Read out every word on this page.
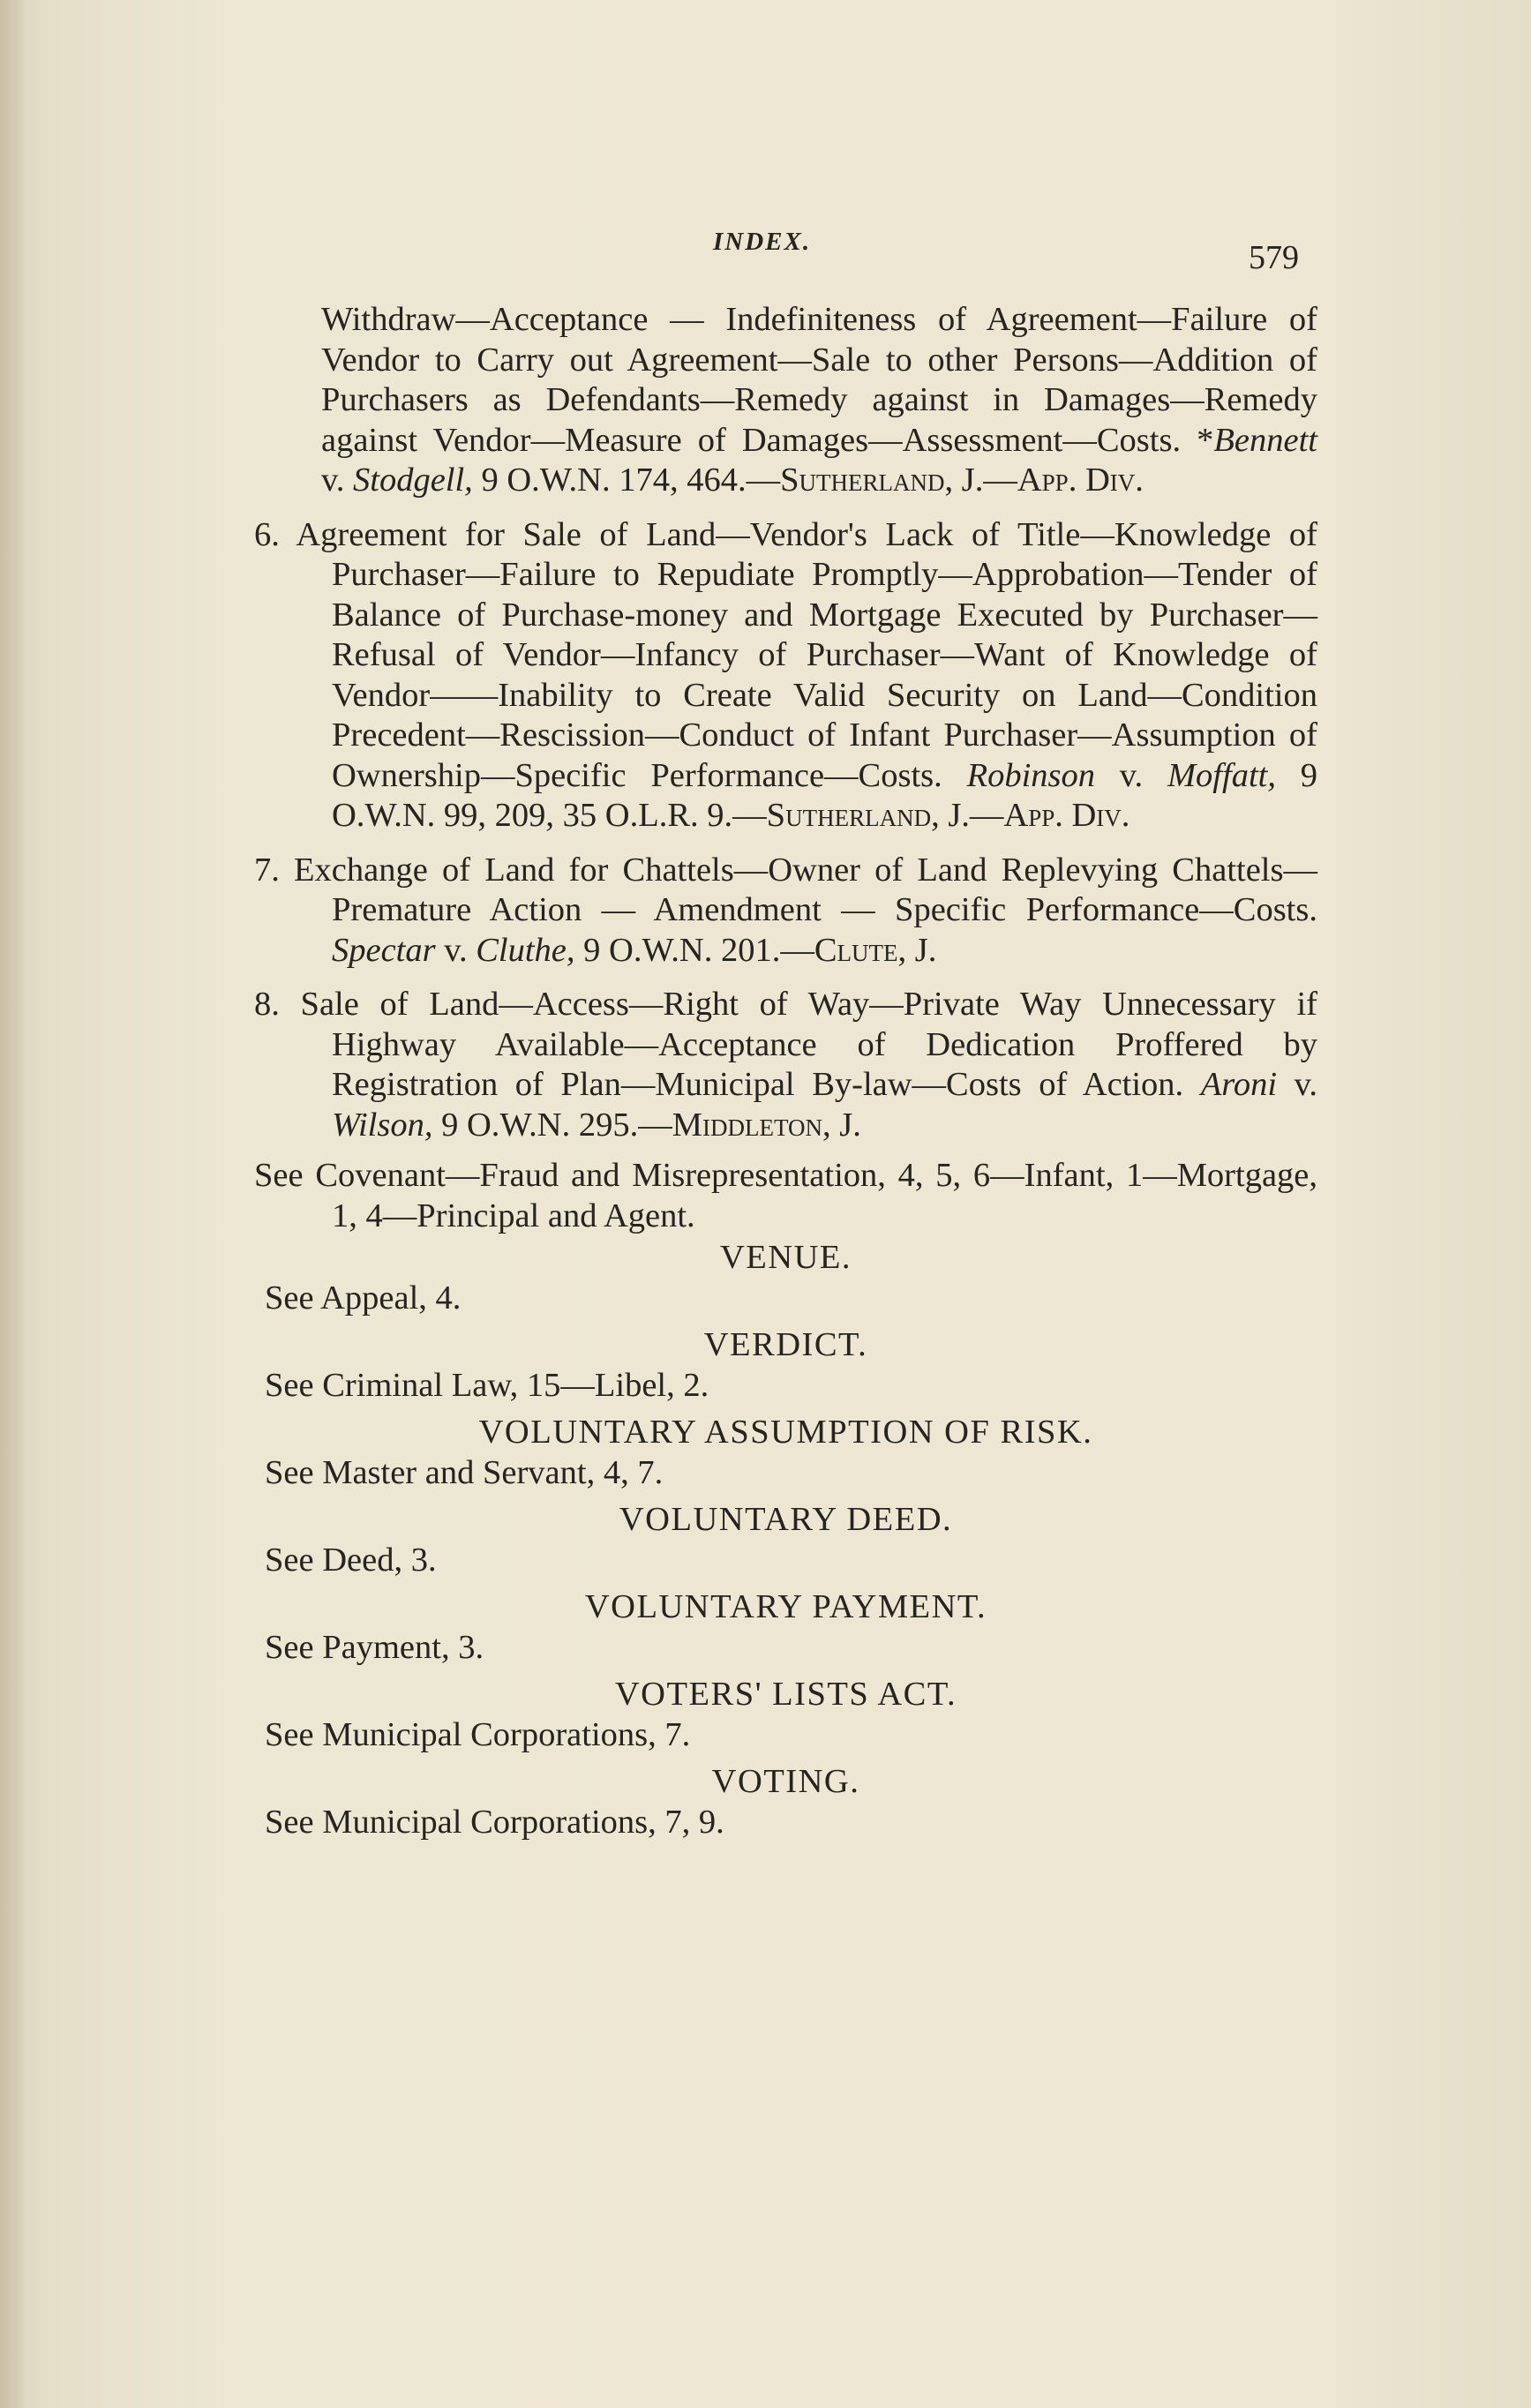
INDEX.	579

Withdraw—Acceptance — Indefiniteness of Agreement—Failure of Vendor to Carry out Agreement—Sale to other Persons—Addition of Purchasers as Defendants—Remedy against in Damages—Remedy against Vendor—Measure of Damages—Assessment—Costs. *Bennett v. Stodgell, 9 O.W.N. 174, 464.—Sutherland, J.—App. Div.

6. Agreement for Sale of Land—Vendor's Lack of Title—Knowledge of Purchaser—Failure to Repudiate Promptly—Approbation—Tender of Balance of Purchase-money and Mortgage Executed by Purchaser—Refusal of Vendor—Infancy of Purchaser—Want of Knowledge of Vendor——Inability to Create Valid Security on Land—Condition Precedent—Rescission—Conduct of Infant Purchaser—Assumption of Ownership—Specific Performance—Costs. Robinson v. Moffatt, 9 O.W.N. 99, 209, 35 O.L.R. 9.—Sutherland, J.—App. Div.

7. Exchange of Land for Chattels—Owner of Land Replevying Chattels—Premature Action — Amendment — Specific Performance—Costs. Spectar v. Cluthe, 9 O.W.N. 201.—Clute, J.

8. Sale of Land—Access—Right of Way—Private Way Unnecessary if Highway Available—Acceptance of Dedication Proffered by Registration of Plan—Municipal By-law—Costs of Action. Aroni v. Wilson, 9 O.W.N. 295.—Middleton, J.

See Covenant—Fraud and Misrepresentation, 4, 5, 6—Infant, 1—Mortgage, 1, 4—Principal and Agent.

VENUE.

See Appeal, 4.

VERDICT.

See Criminal Law, 15—Libel, 2.

VOLUNTARY ASSUMPTION OF RISK.

See Master and Servant, 4, 7.

VOLUNTARY DEED.

See Deed, 3.

VOLUNTARY PAYMENT.

See Payment, 3.

VOTERS' LISTS ACT.

See Municipal Corporations, 7.

VOTING.

See Municipal Corporations, 7, 9.
